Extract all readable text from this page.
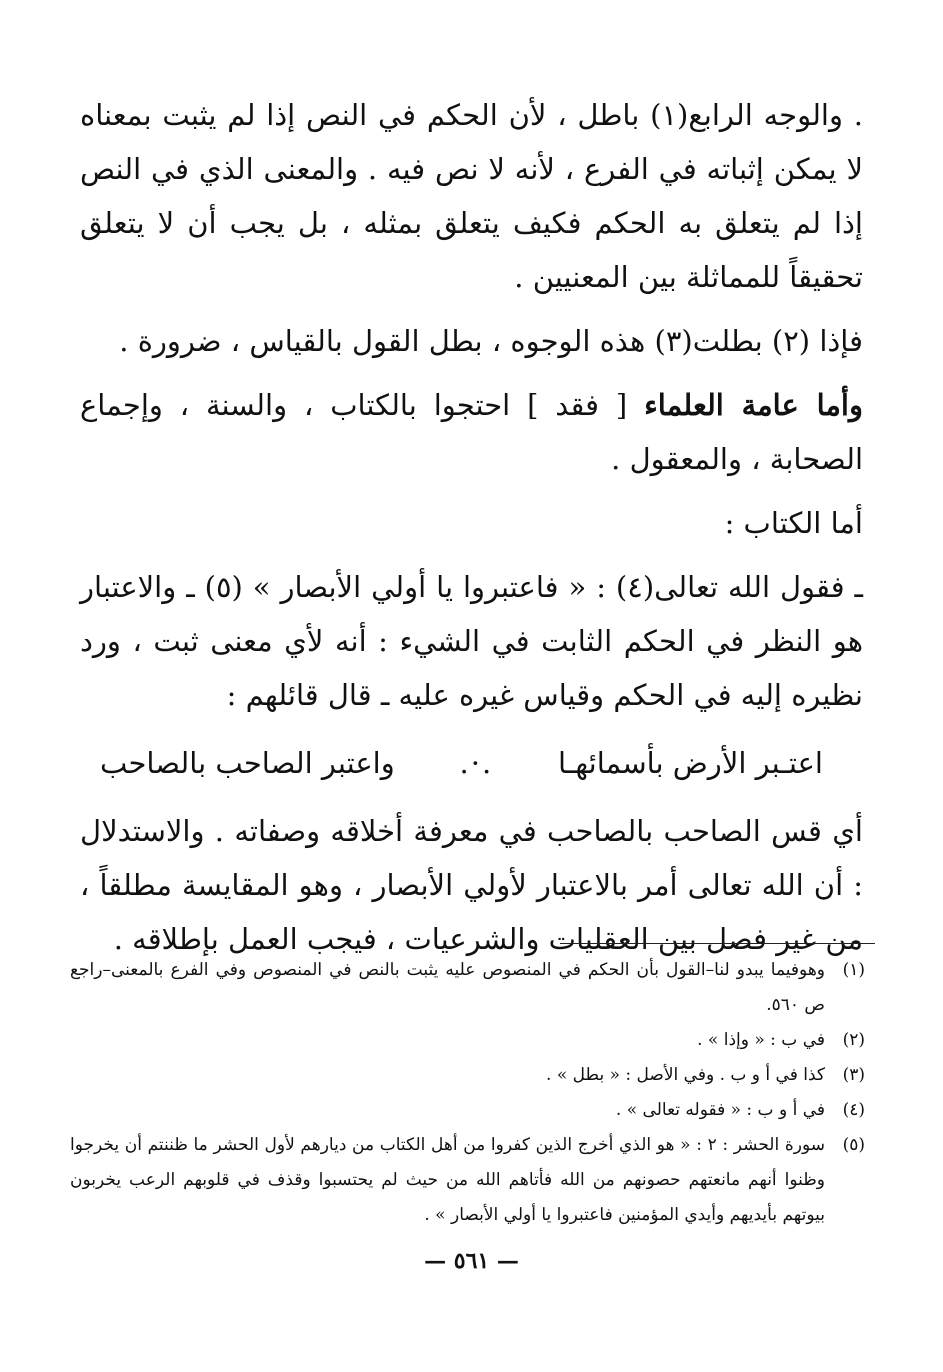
. والوجه الرابع(١) باطل ، لأن الحكم في النص إذا لم يثبت بمعناه لا يمكن إثباته في الفرع ، لأنه لا نص فيه . والمعنى الذي في النص إذا لم يتعلق به الحكم فكيف يتعلق بمثله ، بل يجب أن لا يتعلق تحقيقاً للمماثلة بين المعنيين .

فإذا (٢) بطلت(٣) هذه الوجوه ، بطل القول بالقياس ، ضرورة .

وأما عامة العلماء [ فقد ] احتجوا بالكتاب ، والسنة ، وإجماع الصحابة ، والمعقول .

أما الكتاب :

ـ فقول الله تعالى(٤) : « فاعتبروا يا أولي الأبصار » (٥) ـ والاعتبار هو النظر في الحكم الثابت في الشيء : أنه لأي معنى ثبت ، ورد نظيره إليه في الحكم وقياس غيره عليه ـ قال قائلهم :

اعتـبر الأرض بأسمائهـا
.·.
واعتبر الصاحب بالصاحب

أي قس الصاحب بالصاحب في معرفة أخلاقه وصفاته . والاستدلال : أن الله تعالى أمر بالاعتبار لأولي الأبصار ، وهو المقايسة مطلقاً ، من غير فصل بين العقليات والشرعيات ، فيجب العمل بإطلاقه .

(١)
وهوفيما يبدو لنا–القول بأن الحكم في المنصوص عليه يثبت بالنص في المنصوص وفي الفرع بالمعنى–راجع ص ٥٦٠.

(٢)
في ب : « وإذا » .

(٣)
كذا في أ و ب . وفي الأصل : « بطل » .

(٤)
في أ و ب : « فقوله تعالى » .

(٥)
سورة الحشر : ٢ : « هو الذي أخرج الذين كفروا من أهل الكتاب من ديارهم لأول الحشر ما ظننتم أن يخرجوا وظنوا أنهم مانعتهم حصونهم من الله فأتاهم الله من حيث لم يحتسبوا وقذف في قلوبهم الرعب يخربون بيوتهم بأيديهم وأيدي المؤمنين فاعتبروا يا أولي الأبصار » .

— ٥٦١ —
